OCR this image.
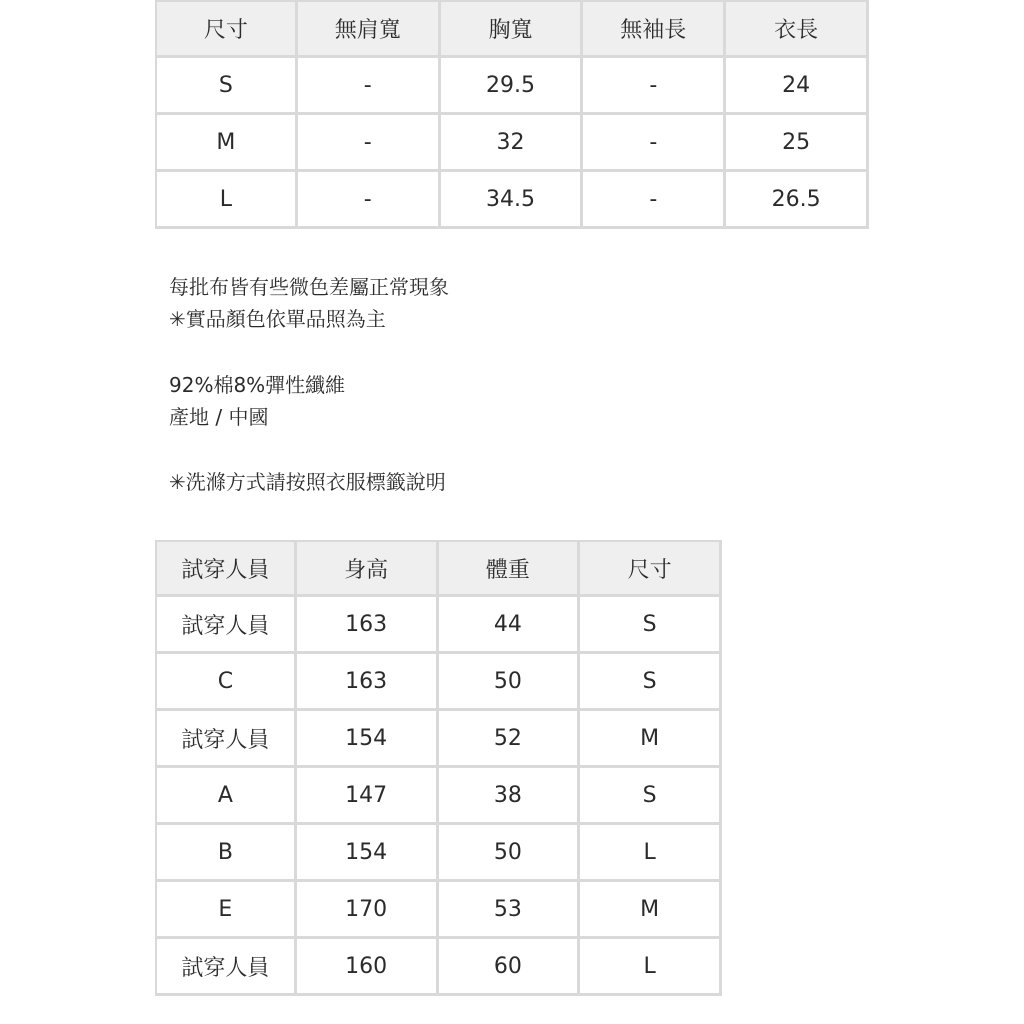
尺寸	無肩寬	胸寬	無袖長	衣長
S	-	29.5	-	24
M	-	32	-	25
L	-	34.5	-	26.5
每批布皆有些微色差屬正常現象
✳實品顏色依單品照為主
92%棉8%彈性纖維
產地 / 中國
✳洗滌方式請按照衣服標籤說明
試穿人員	身高	體重	尺寸
試穿人員	163	44	S
C	163	50	S
試穿人員	154	52	M
A	147	38	S
B	154	50	L
E	170	53	M
試穿人員	160	60	L
